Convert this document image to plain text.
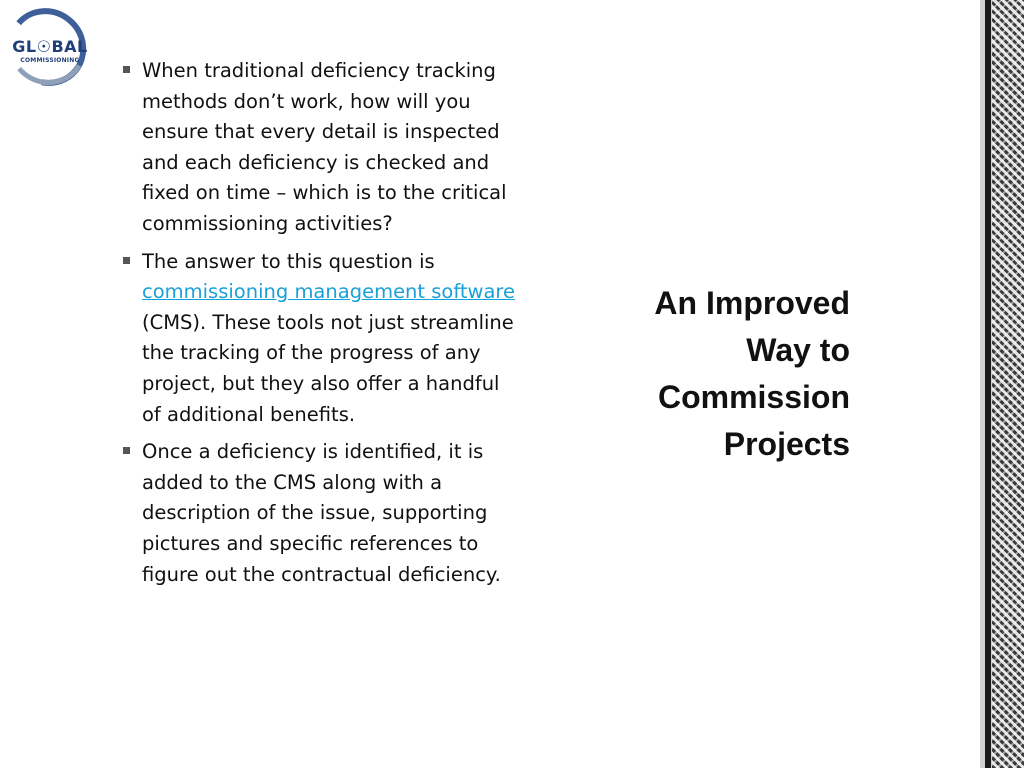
GL☉BAL
COMMISSIONING	When traditional deficiency tracking methods don’t work, how will you ensure that every detail is inspected and each deficiency is checked and fixed on time – which is to the critical commissioning activities?
The answer to this question is commissioning management software (CMS). These tools not just streamline the tracking of the progress of any project, but they also offer a handful of additional benefits.
Once a deficiency is identified, it is added to the CMS along with a description of the issue, supporting pictures and specific references to figure out the contractual deficiency.
An Improved
Way to
Commission
Projects
